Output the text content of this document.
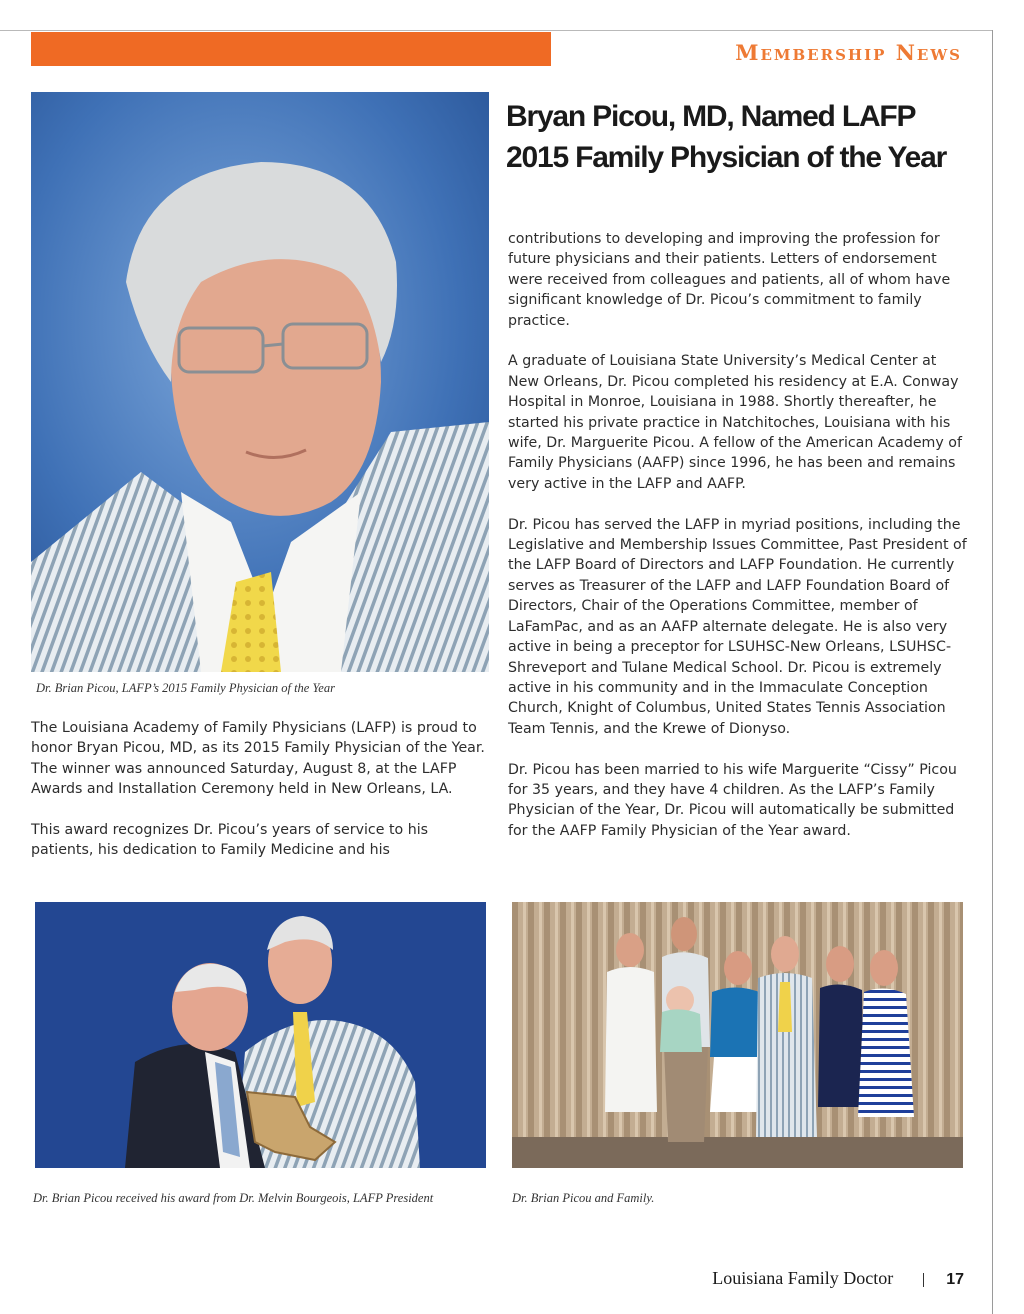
Membership News
Bryan Picou, MD, Named LAFP
2015 Family Physician of the Year
Dr. Brian Picou, LAFP’s 2015 Family Physician of the Year

contributions to developing and improving the profession for future physicians and their patients. Letters of endorsement were received from colleagues and patients, all of whom have significant knowledge of Dr. Picou’s commitment to family practice.

A graduate of Louisiana State University’s Medical Center at New Orleans, Dr. Picou completed his residency at E.A. Conway Hospital in Monroe, Louisiana in 1988. Shortly thereafter, he started his private practice in Natchitoches, Louisiana with his wife, Dr. Marguerite Picou. A fellow of the American Academy of Family Physicians (AAFP) since 1996, he has been and remains very active in the LAFP and AAFP.

Dr. Picou has served the LAFP in myriad positions, including the Legislative and Membership Issues Committee, Past President of the LAFP Board of Directors and LAFP Foundation. He currently serves as Treasurer of the LAFP and LAFP Foundation Board of Directors, Chair of the Operations Committee, member of LaFamPac, and as an AAFP alternate delegate. He is also very active in being a preceptor for LSUHSC-New Orleans, LSUHSC-Shreveport and Tulane Medical School. Dr. Picou is extremely active in his community and in the Immaculate Conception Church, Knight of Columbus, United States Tennis Association Team Tennis, and the Krewe of Dionyso.

Dr. Picou has been married to his wife Marguerite “Cissy” Picou for 35 years, and they have 4 children. As the LAFP’s Family Physician of the Year, Dr. Picou will automatically be submitted for the AAFP Family Physician of the Year award.

The Louisiana Academy of Family Physicians (LAFP) is proud to honor Bryan Picou, MD, as its 2015 Family Physician of the Year. The winner was announced Saturday, August 8, at the LAFP Awards and Installation Ceremony held in New Orleans, LA.

This award recognizes Dr. Picou’s years of service to his patients, his dedication to Family Medicine and his

Dr. Brian Picou received his award from Dr. Melvin Bourgeois, LAFP President	Dr. Brian Picou and Family.
Louisiana Family Doctor	17
